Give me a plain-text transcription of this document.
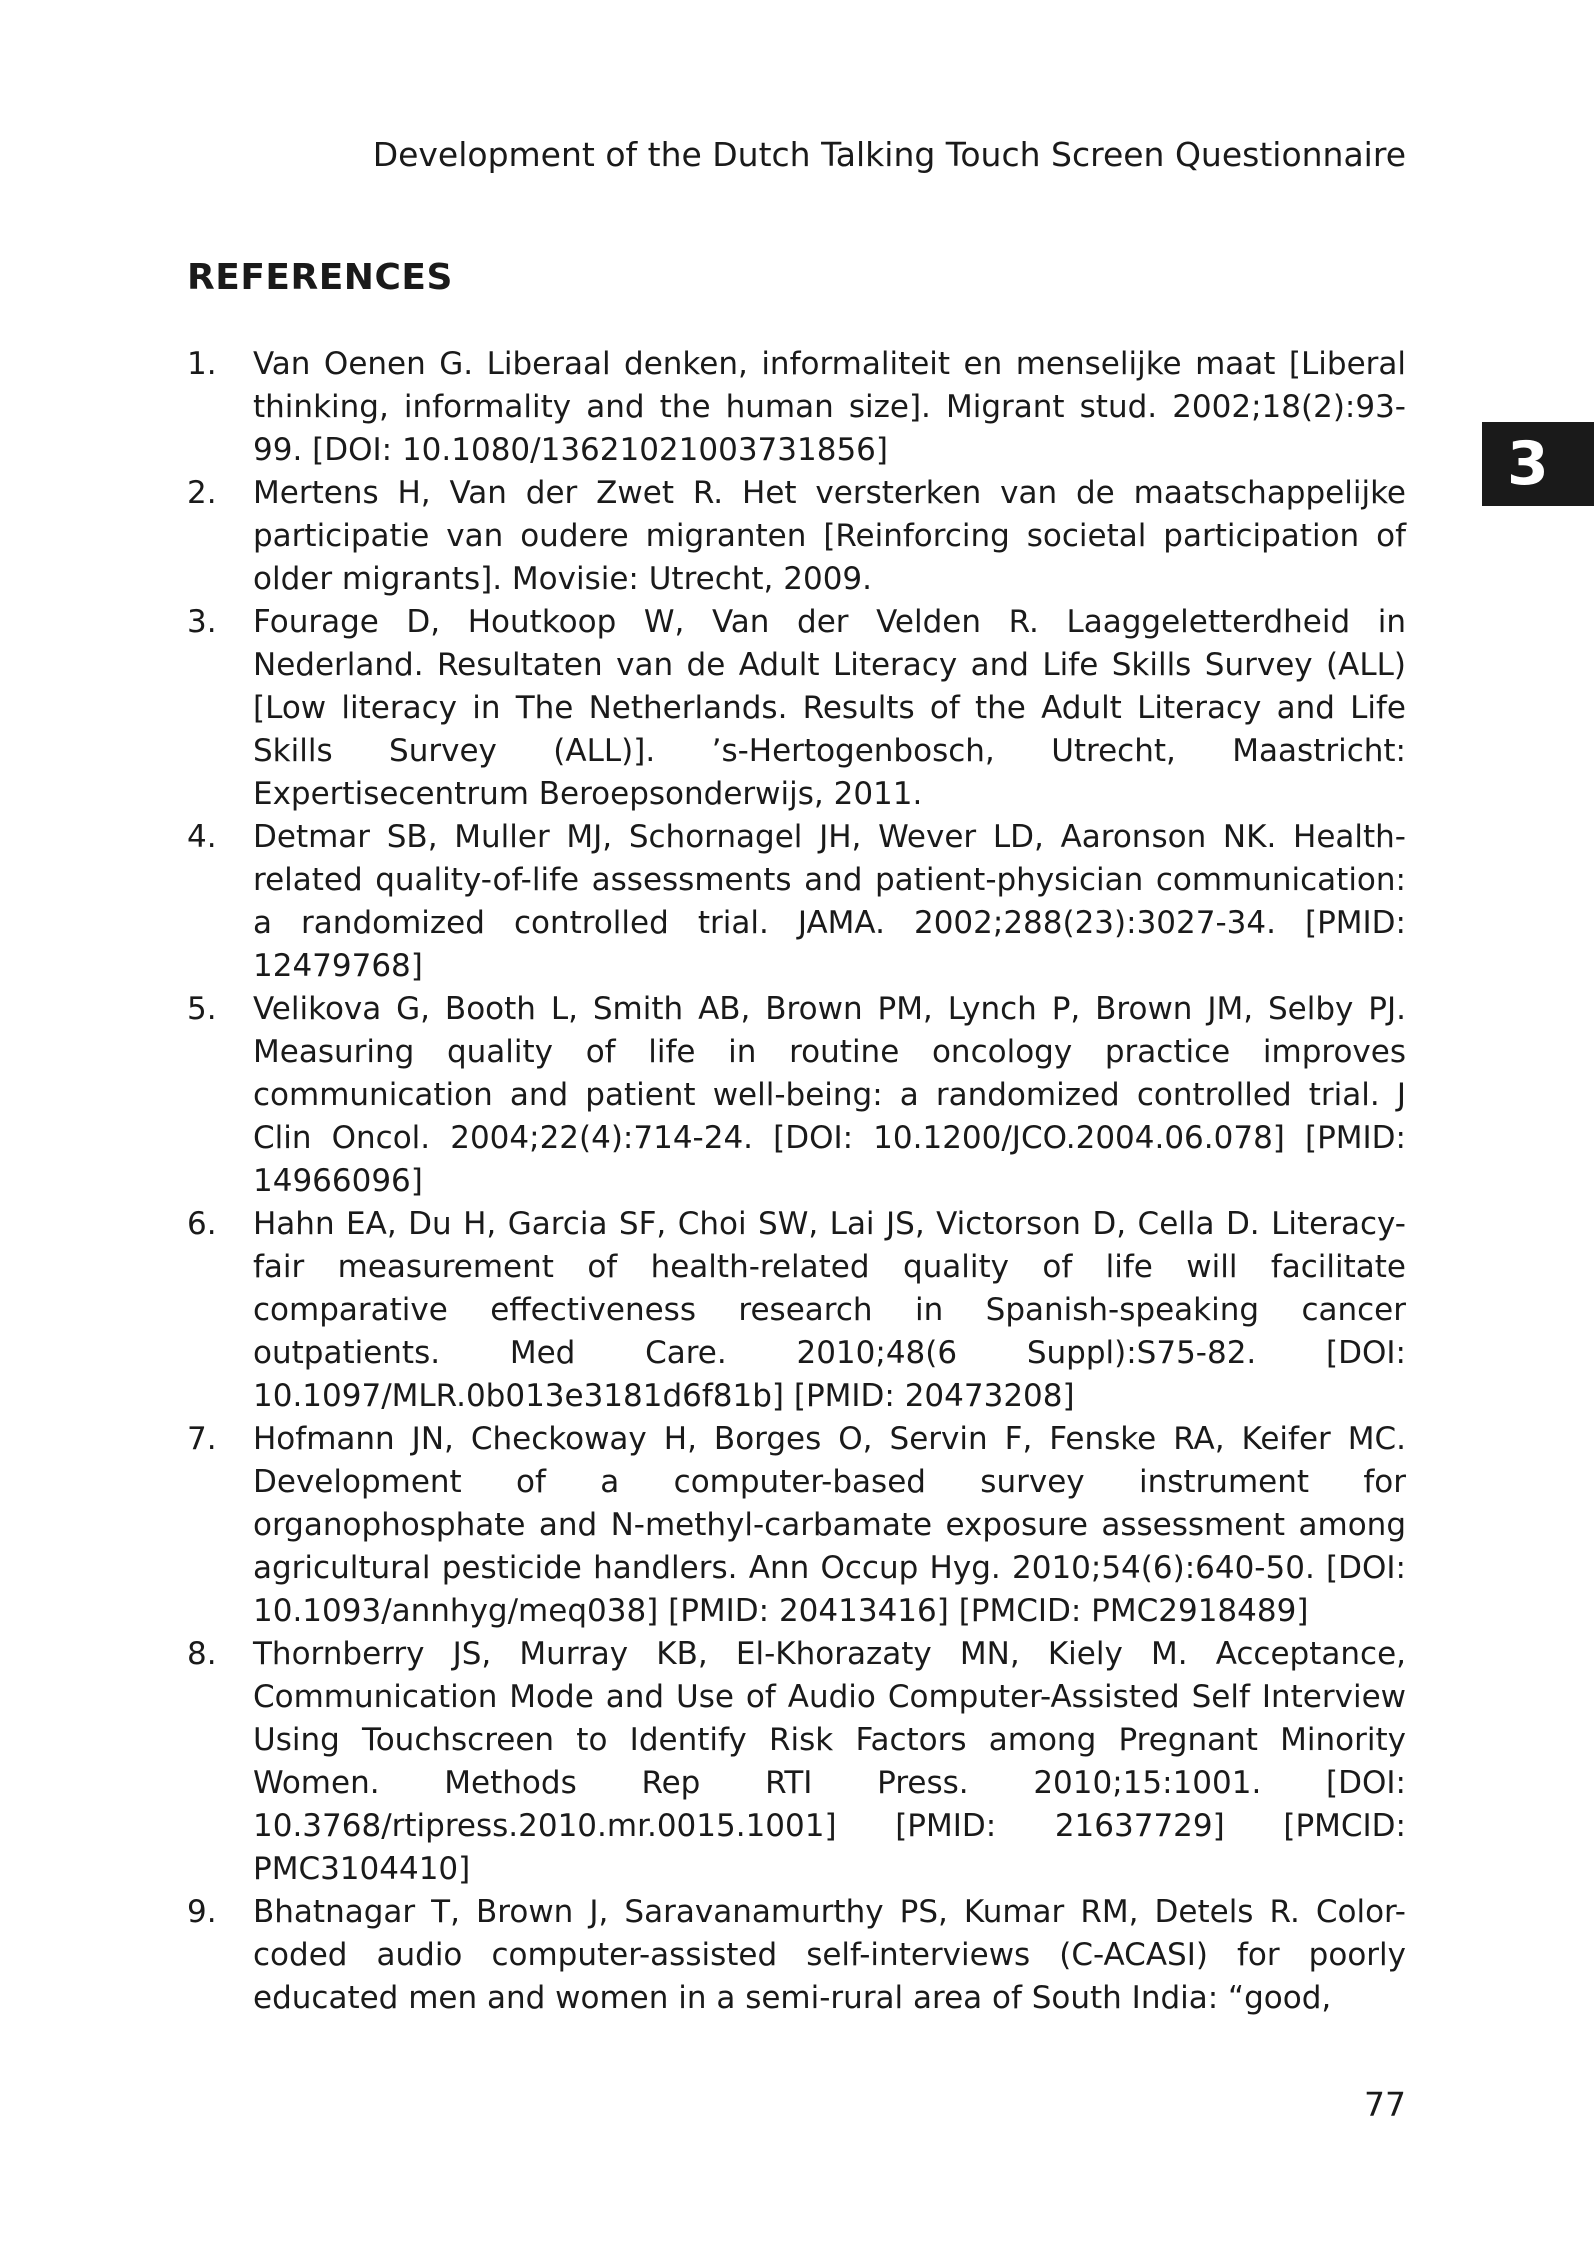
Development of the Dutch Talking Touch Screen Questionnaire
3
REFERENCES
1. Van Oenen G. Liberaal denken, informaliteit en menselijke maat [Liberal thinking, informality and the human size]. Migrant stud. 2002;18(2):93-99. [DOI: 10.1080/13621021003731856]
2. Mertens H, Van der Zwet R. Het versterken van de maatschappelijke participatie van oudere migranten [Reinforcing societal participation of older migrants]. Movisie: Utrecht, 2009.
3. Fourage D, Houtkoop W, Van der Velden R. Laaggeletterdheid in Nederland. Resultaten van de Adult Literacy and Life Skills Survey (ALL) [Low literacy in The Netherlands. Results of the Adult Literacy and Life Skills Survey (ALL)]. ’s-Hertogenbosch, Utrecht, Maastricht: Expertisecentrum Beroepsonderwijs, 2011.
4. Detmar SB, Muller MJ, Schornagel JH, Wever LD, Aaronson NK. Health-related quality-of-life assessments and patient-physician communication: a randomized controlled trial. JAMA. 2002;288(23):3027-34. [PMID: 12479768]
5. Velikova G, Booth L, Smith AB, Brown PM, Lynch P, Brown JM, Selby PJ. Measuring quality of life in routine oncology practice improves communication and patient well-being: a randomized controlled trial. J Clin Oncol. 2004;22(4):714-24. [DOI: 10.1200/JCO.2004.06.078] [PMID: 14966096]
6. Hahn EA, Du H, Garcia SF, Choi SW, Lai JS, Victorson D, Cella D. Literacy-fair measurement of health-related quality of life will facilitate comparative effectiveness research in Spanish-speaking cancer outpatients. Med Care. 2010;48(6 Suppl):S75-82. [DOI: 10.1097/MLR.0b013e3181d6f81b] [PMID: 20473208]
7. Hofmann JN, Checkoway H, Borges O, Servin F, Fenske RA, Keifer MC. Development of a computer-based survey instrument for organophosphate and N-methyl-carbamate exposure assessment among agricultural pesticide handlers. Ann Occup Hyg. 2010;54(6):640-50. [DOI: 10.1093/annhyg/meq038] [PMID: 20413416] [PMCID: PMC2918489]
8. Thornberry JS, Murray KB, El-Khorazaty MN, Kiely M. Acceptance, Communication Mode and Use of Audio Computer-Assisted Self Interview Using Touchscreen to Identify Risk Factors among Pregnant Minority Women. Methods Rep RTI Press. 2010;15:1001. [DOI: 10.3768/rtipress.2010.mr.0015.1001] [PMID: 21637729] [PMCID: PMC3104410]
9. Bhatnagar T, Brown J, Saravanamurthy PS, Kumar RM, Detels R. Color-coded audio computer-assisted self-interviews (C-ACASI) for poorly educated men and women in a semi-rural area of South India: “good,
77
